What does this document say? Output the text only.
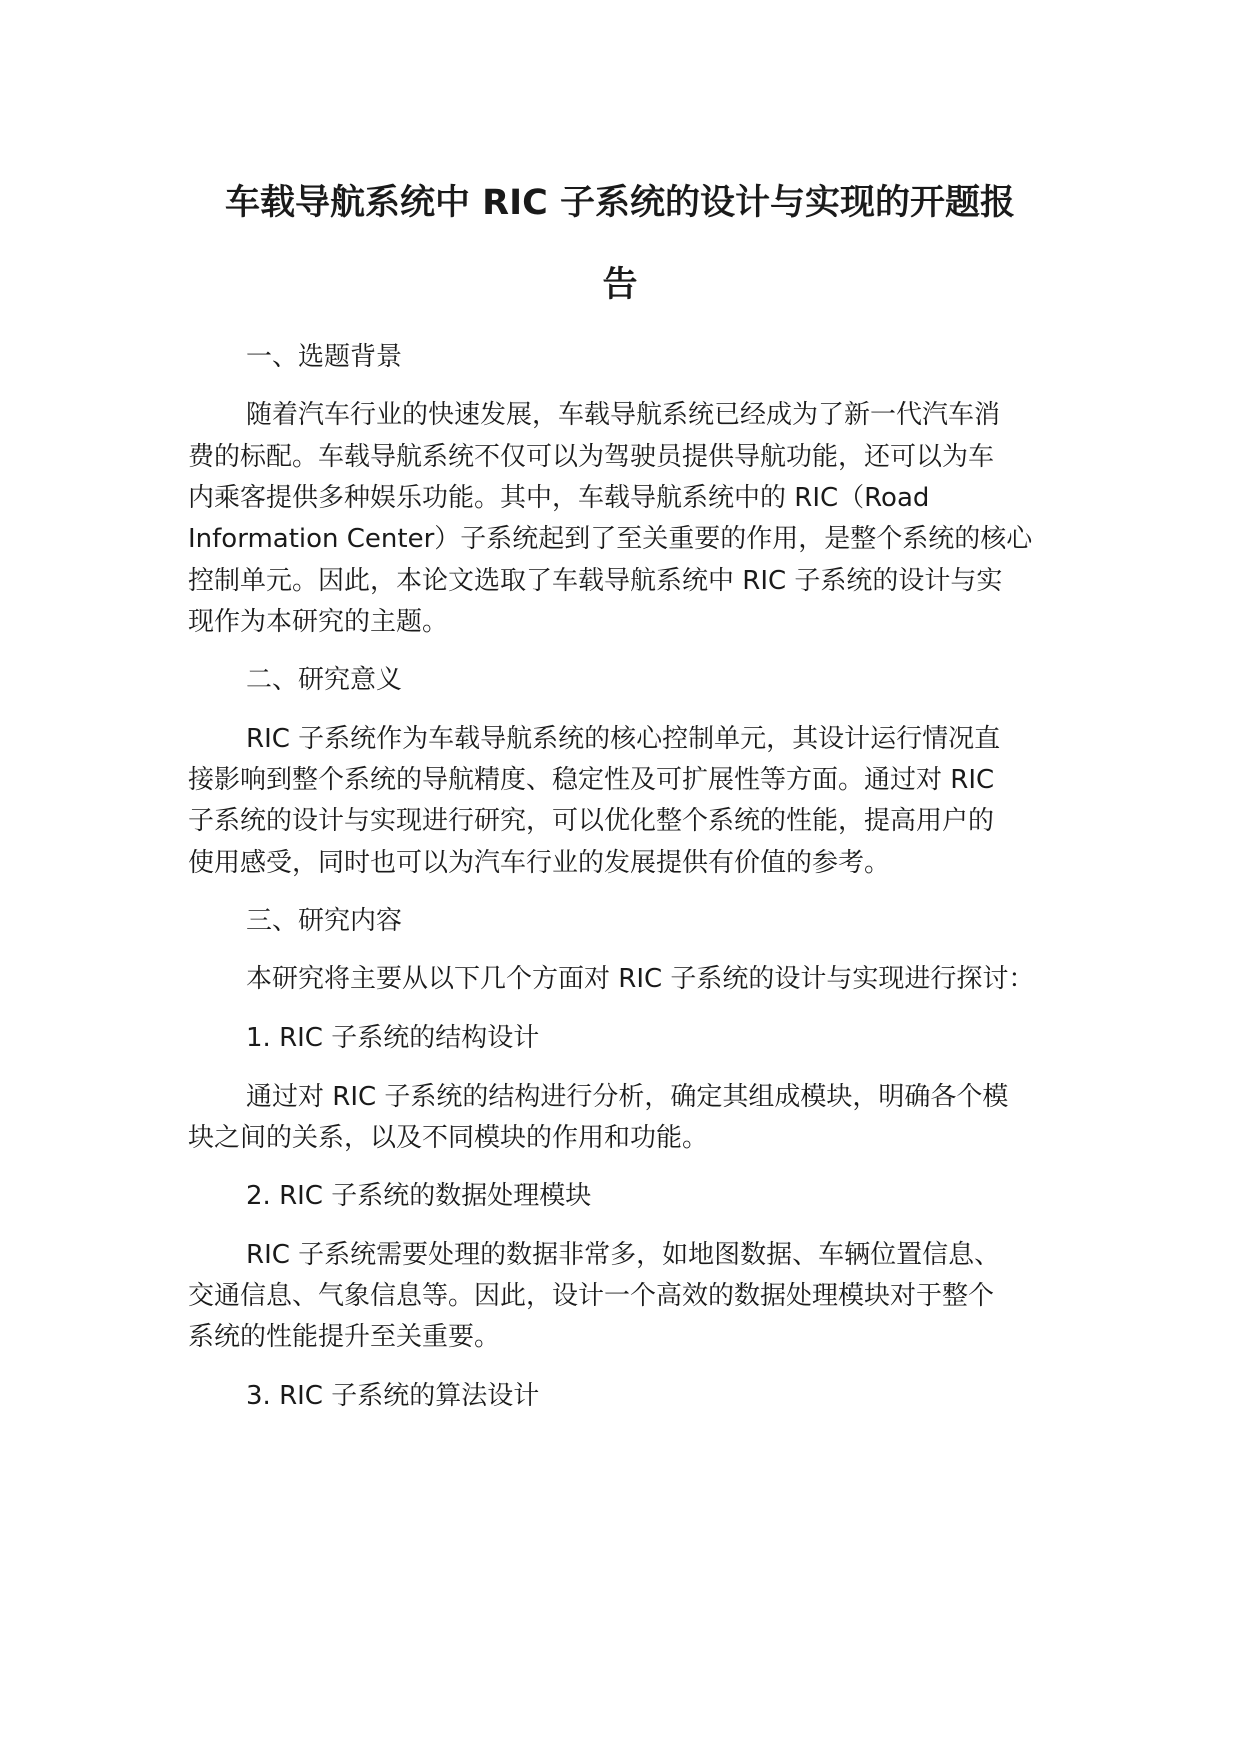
车载导航系统中 RIC 子系统的设计与实现的开题报
告
一、选题背景
随着汽车行业的快速发展，车载导航系统已经成为了新一代汽车消
费的标配。车载导航系统不仅可以为驾驶员提供导航功能，还可以为车
内乘客提供多种娱乐功能。其中，车载导航系统中的 RIC（Road
Information Center）子系统起到了至关重要的作用，是整个系统的核心
控制单元。因此，本论文选取了车载导航系统中 RIC 子系统的设计与实
现作为本研究的主题。
二、研究意义
RIC 子系统作为车载导航系统的核心控制单元，其设计运行情况直
接影响到整个系统的导航精度、稳定性及可扩展性等方面。通过对 RIC
子系统的设计与实现进行研究，可以优化整个系统的性能，提高用户的
使用感受，同时也可以为汽车行业的发展提供有价值的参考。
三、研究内容
本研究将主要从以下几个方面对 RIC 子系统的设计与实现进行探讨：
1. RIC 子系统的结构设计
通过对 RIC 子系统的结构进行分析，确定其组成模块，明确各个模
块之间的关系，以及不同模块的作用和功能。
2. RIC 子系统的数据处理模块
RIC 子系统需要处理的数据非常多，如地图数据、车辆位置信息、
交通信息、气象信息等。因此，设计一个高效的数据处理模块对于整个
系统的性能提升至关重要。
3. RIC 子系统的算法设计
